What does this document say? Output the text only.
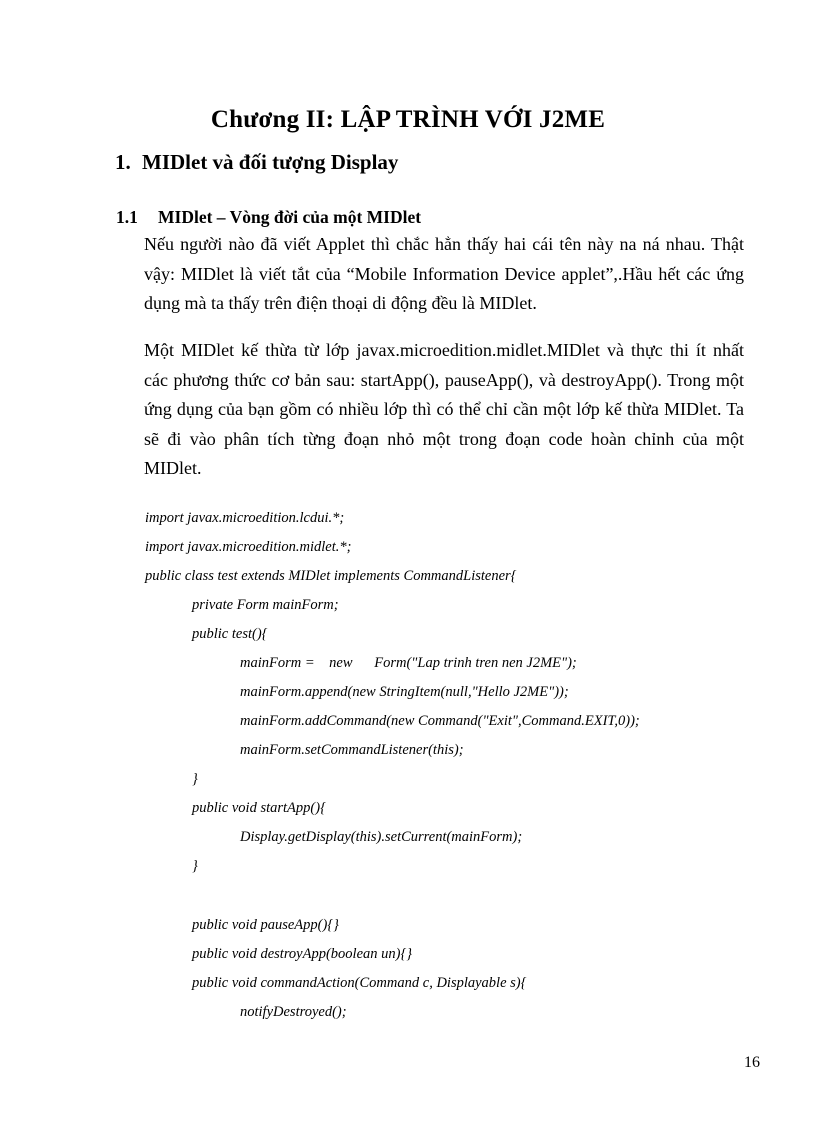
Chương II: LẬP TRÌNH VỚI J2ME
1. MIDlet và đối tượng Display
1.1 MIDlet – Vòng đời của một MIDlet
Nếu người nào đã viết Applet thì chắc hẳn thấy hai cái tên này na ná nhau. Thật vậy: MIDlet là viết tắt của “Mobile Information Device applet”,.Hầu hết các ứng dụng mà ta thấy trên điện thoại di động đều là MIDlet.
Một MIDlet kế thừa từ lớp javax.microedition.midlet.MIDlet và thực thi ít nhất các phương thức cơ bản sau: startApp(), pauseApp(), và destroyApp(). Trong một ứng dụng của bạn gồm có nhiều lớp thì có thể chỉ cần một lớp kế thừa MIDlet. Ta sẽ đi vào phân tích từng đoạn nhỏ một trong đoạn code hoàn chỉnh của một MIDlet.
import javax.microedition.lcdui.*;
import javax.microedition.midlet.*;
public class test extends MIDlet implements CommandListener{
private Form mainForm;
public test(){
mainForm =    new      Form("Lap trinh tren nen J2ME");
mainForm.append(new StringItem(null,"Hello J2ME"));
mainForm.addCommand(new Command("Exit",Command.EXIT,0));
mainForm.setCommandListener(this);
}
public void startApp(){
Display.getDisplay(this).setCurrent(mainForm);
}
public void pauseApp(){}
public void destroyApp(boolean un){}
public void commandAction(Command c, Displayable s){
notifyDestroyed();
16
